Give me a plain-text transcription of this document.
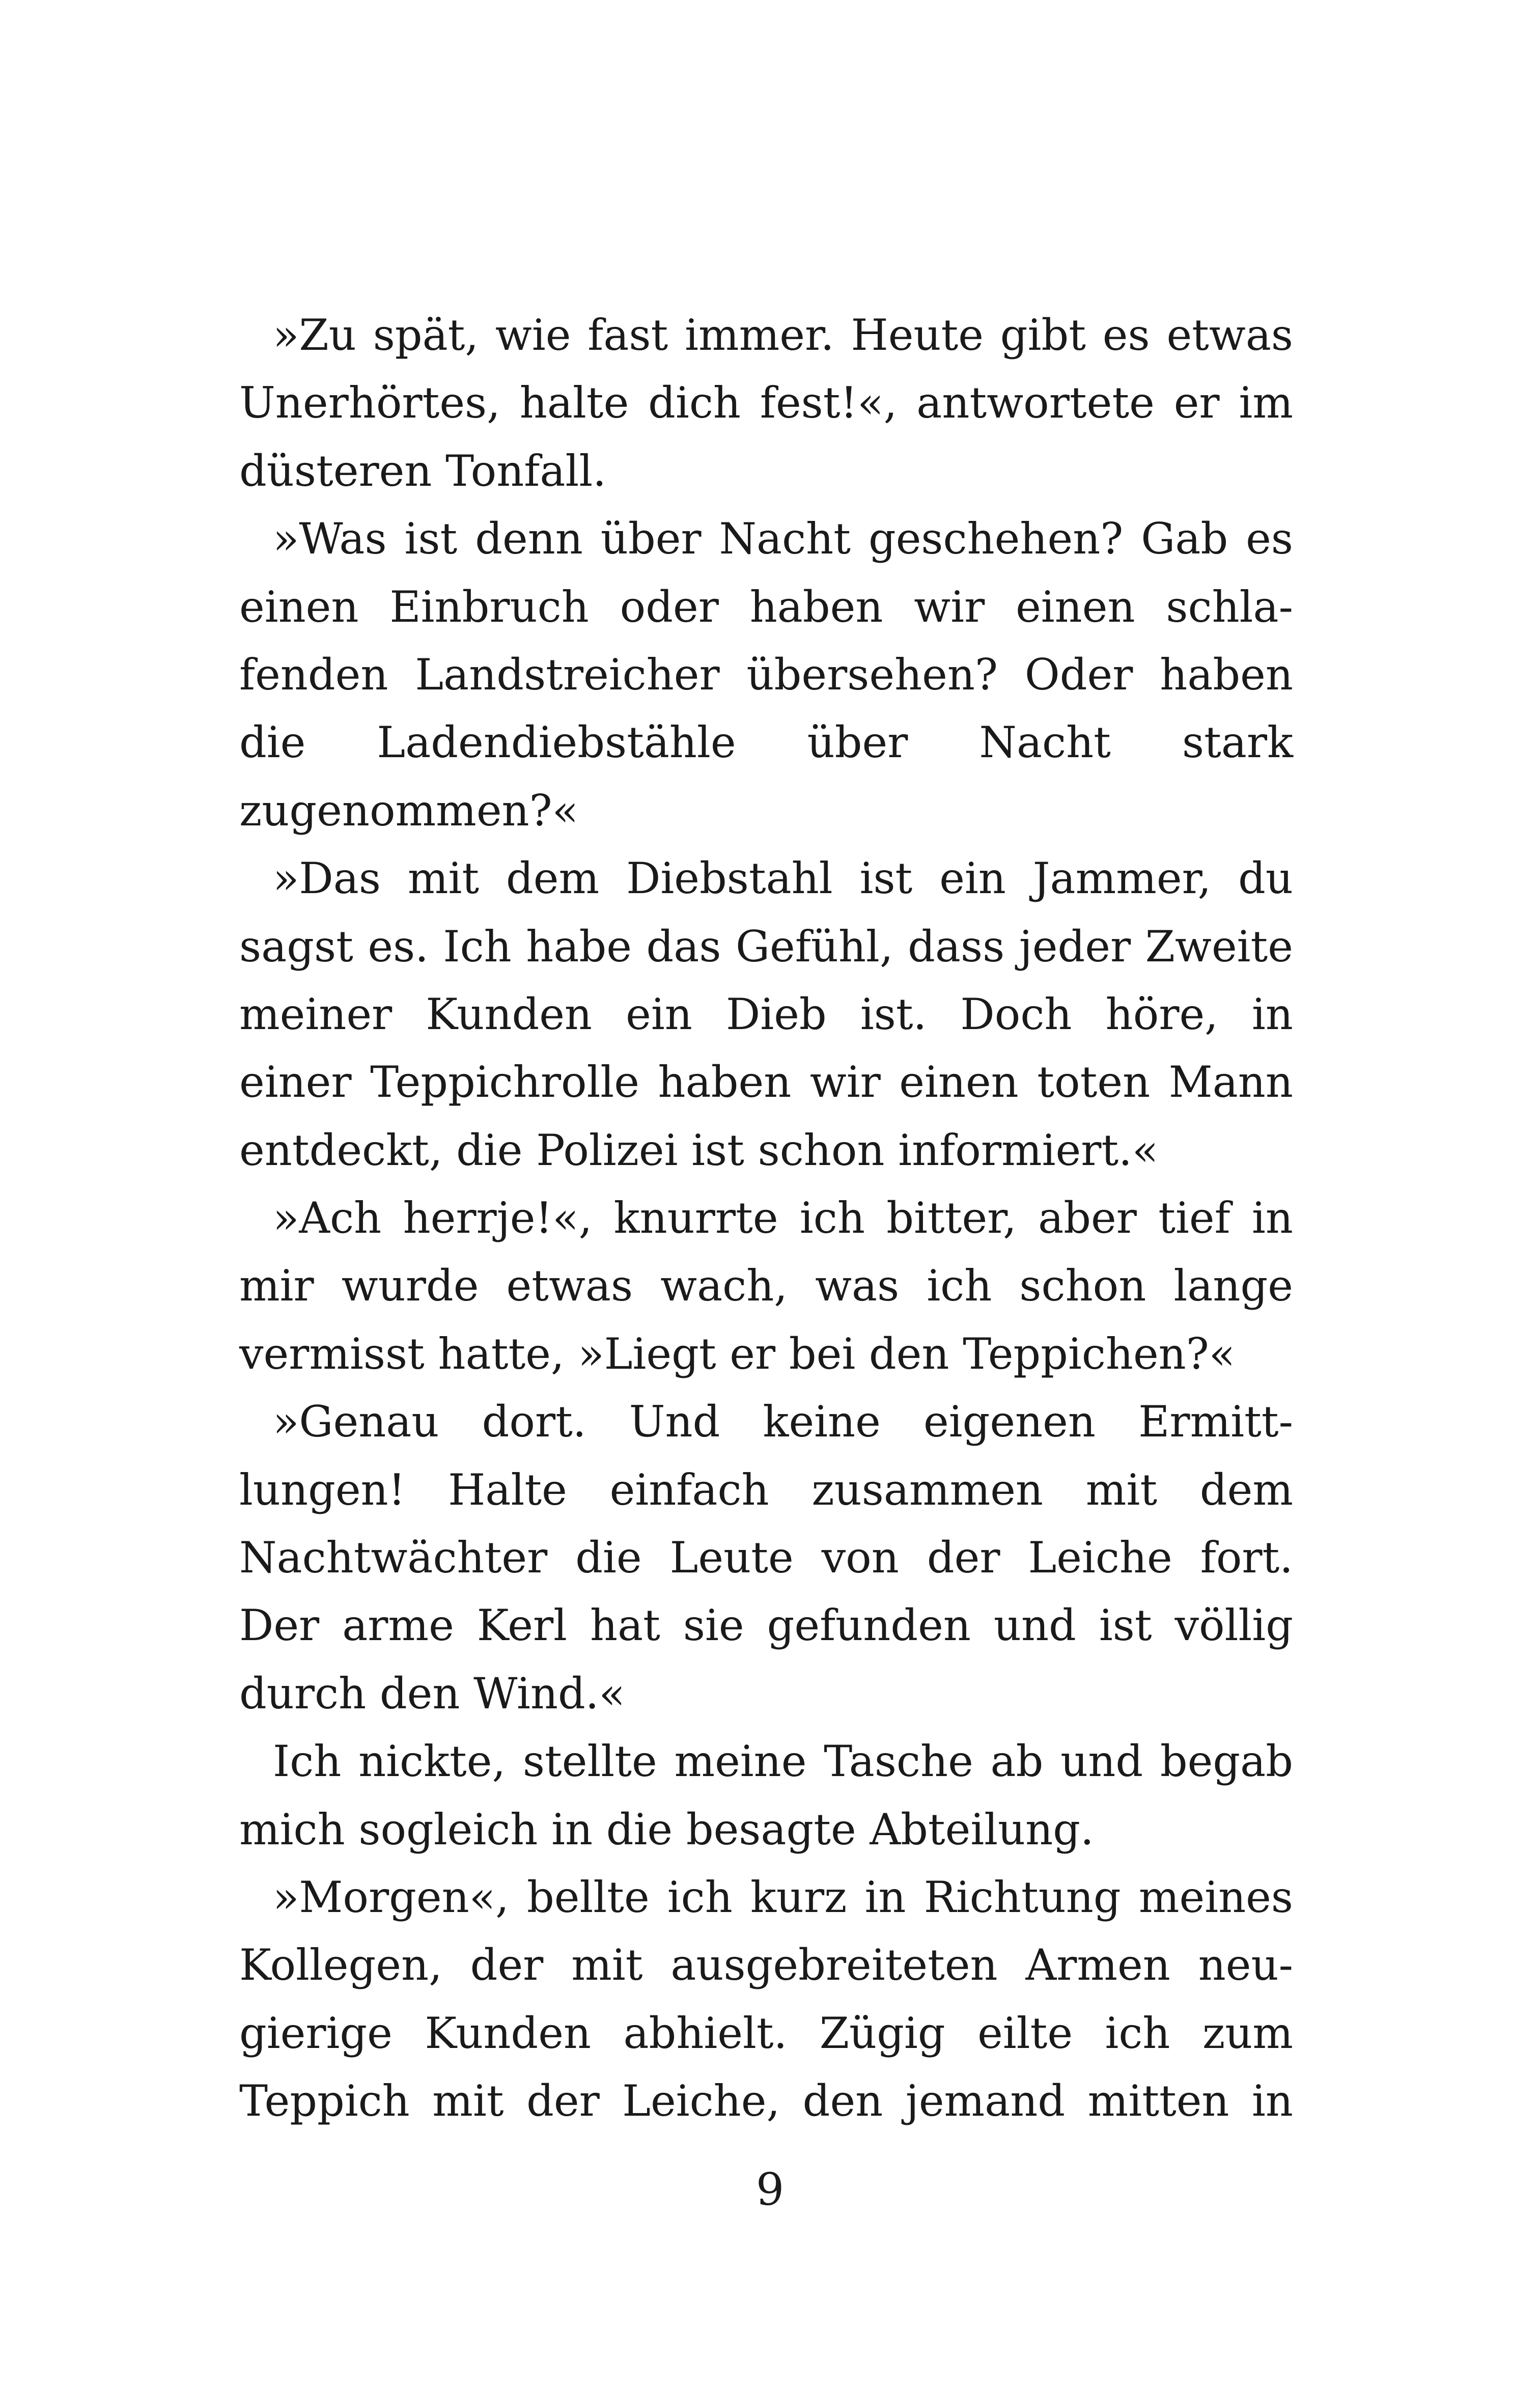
»Zu spät, wie fast immer. Heute gibt es etwas
Unerhörtes, halte dich fest!«, antwortete er im
düsteren Tonfall.
»Was ist denn über Nacht geschehen? Gab es
einen Einbruch oder haben wir einen schla-
fenden Landstreicher übersehen? Oder haben
die Ladendiebstähle über Nacht stark
zugenommen?«
»Das mit dem Diebstahl ist ein Jammer, du
sagst es. Ich habe das Gefühl, dass jeder Zweite
meiner Kunden ein Dieb ist. Doch höre, in
einer Teppichrolle haben wir einen toten Mann
entdeckt, die Polizei ist schon informiert.«
»Ach herrje!«, knurrte ich bitter, aber tief in
mir wurde etwas wach, was ich schon lange
vermisst hatte, »Liegt er bei den Teppichen?«
»Genau dort. Und keine eigenen Ermitt-
lungen! Halte einfach zusammen mit dem
Nachtwächter die Leute von der Leiche fort.
Der arme Kerl hat sie gefunden und ist völlig
durch den Wind.«
Ich nickte, stellte meine Tasche ab und begab
mich sogleich in die besagte Abteilung.
»Morgen«, bellte ich kurz in Richtung meines
Kollegen, der mit ausgebreiteten Armen neu-
gierige Kunden abhielt. Zügig eilte ich zum
Teppich mit der Leiche, den jemand mitten in
9
